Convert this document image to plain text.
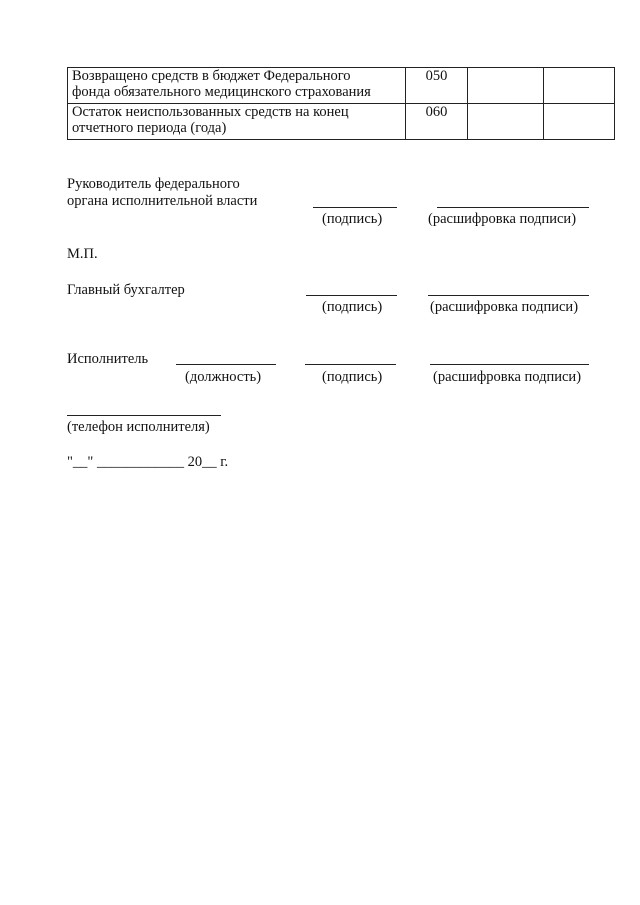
Возвращено средств в бюджет Федерального
фонда обязательного медицинского страхования	050		

Остаток неиспользованных средств на конец
отчетного периода (года)	060		
Руководитель федерального
органа исполнительной власти
(подпись)	(расшифровка подписи)
М.П.
Главный бухгалтер
(подпись)	(расшифровка подписи)
Исполнитель
(должность)	(подпись)	(расшифровка подписи)
(телефон исполнителя)
"__" ____________ 20__ г.
